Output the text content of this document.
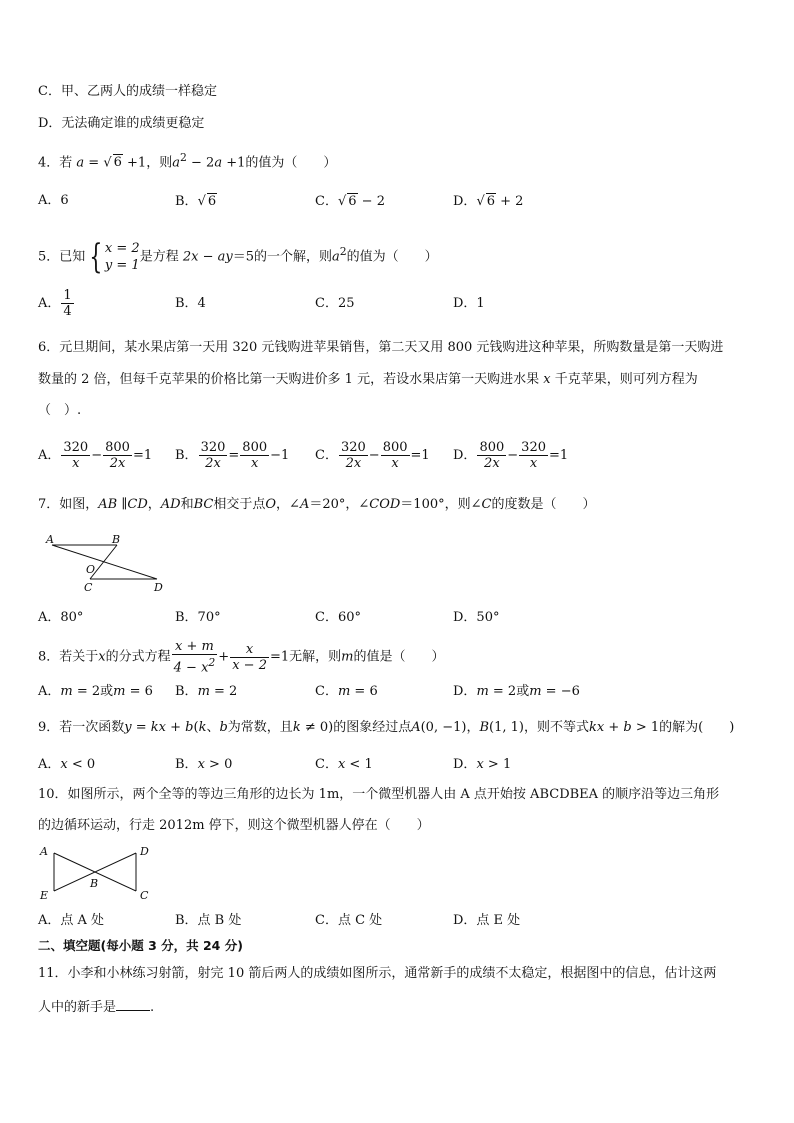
C．甲、乙两人的成绩一样稳定
D．无法确定谁的成绩更稳定
4．若 a = √ 6 +1，则$a^2 - 2a +1$的值为（　　）
A．6	B．√ 6	C．√ 6 − 2	D．√ 6 + 2
5．已知 { x = 2
y = 1是方程 2x − ay＝5的一个解，则$a^2$的值为（　　）
A． $\frac{1}{4}$	B．4	C．25	D．1
6．元旦期间，某水果店第一天用 320 元钱购进苹果销售，第二天又用 800 元钱购进这种苹果，所购数量是第一天购进
数量的 2 倍，但每千克苹果的价格比第一天购进价多 1 元，若设水果店第一天购进水果 x 千克苹果，则可列方程为
（　）.
A． $\frac{320}{x} - \frac{800}{2x} =1$ B． $\frac{320}{2x} = \frac{800}{x} -1$ C． $\frac{320}{2x} - \frac{800}{x} =1$ D． $\frac{800}{2x} - \frac{320}{x} =1$
7．如图，AB ∥CD，AD和BC相交于点O，∠A＝20°，∠COD＝100°，则∠C的度数是（　　）
A	B
O
C	D
A．80°	B．70°	C．60°	D．50°
8．若关于x的分式方程 $\frac{x + m}{4 - x^2} + \frac{x}{x - 2} =1$无解，则m的值是（　　）
A．m = 2或m = 6 B．m = 2	C．m = 6	D．m = 2或m = −6
9．若一次函数y = kx + b(k、b为常数，且k ≠ 0)的图象经过点A(0, −1)，B(1, 1)，则不等式kx + b > 1的解为(　　)
A．x < 0	B．x > 0	C．x < 1	D．x > 1
10．如图所示，两个全等的等边三角形的边长为 1m，一个微型机器人由 A 点开始按 ABCDBEA 的顺序沿等边三角形
的边循环运动，行走 2012m 停下，则这个微型机器人停在（　　）
A	D
B
E	C
A．点 A 处	B．点 B 处	C．点 C 处	D．点 E 处
二、填空题(每小题 3 分，共 24 分)
11．小李和小林练习射箭，射完 10 箭后两人的成绩如图所示，通常新手的成绩不太稳定，根据图中的信息，估计这两
人中的新手是	.
